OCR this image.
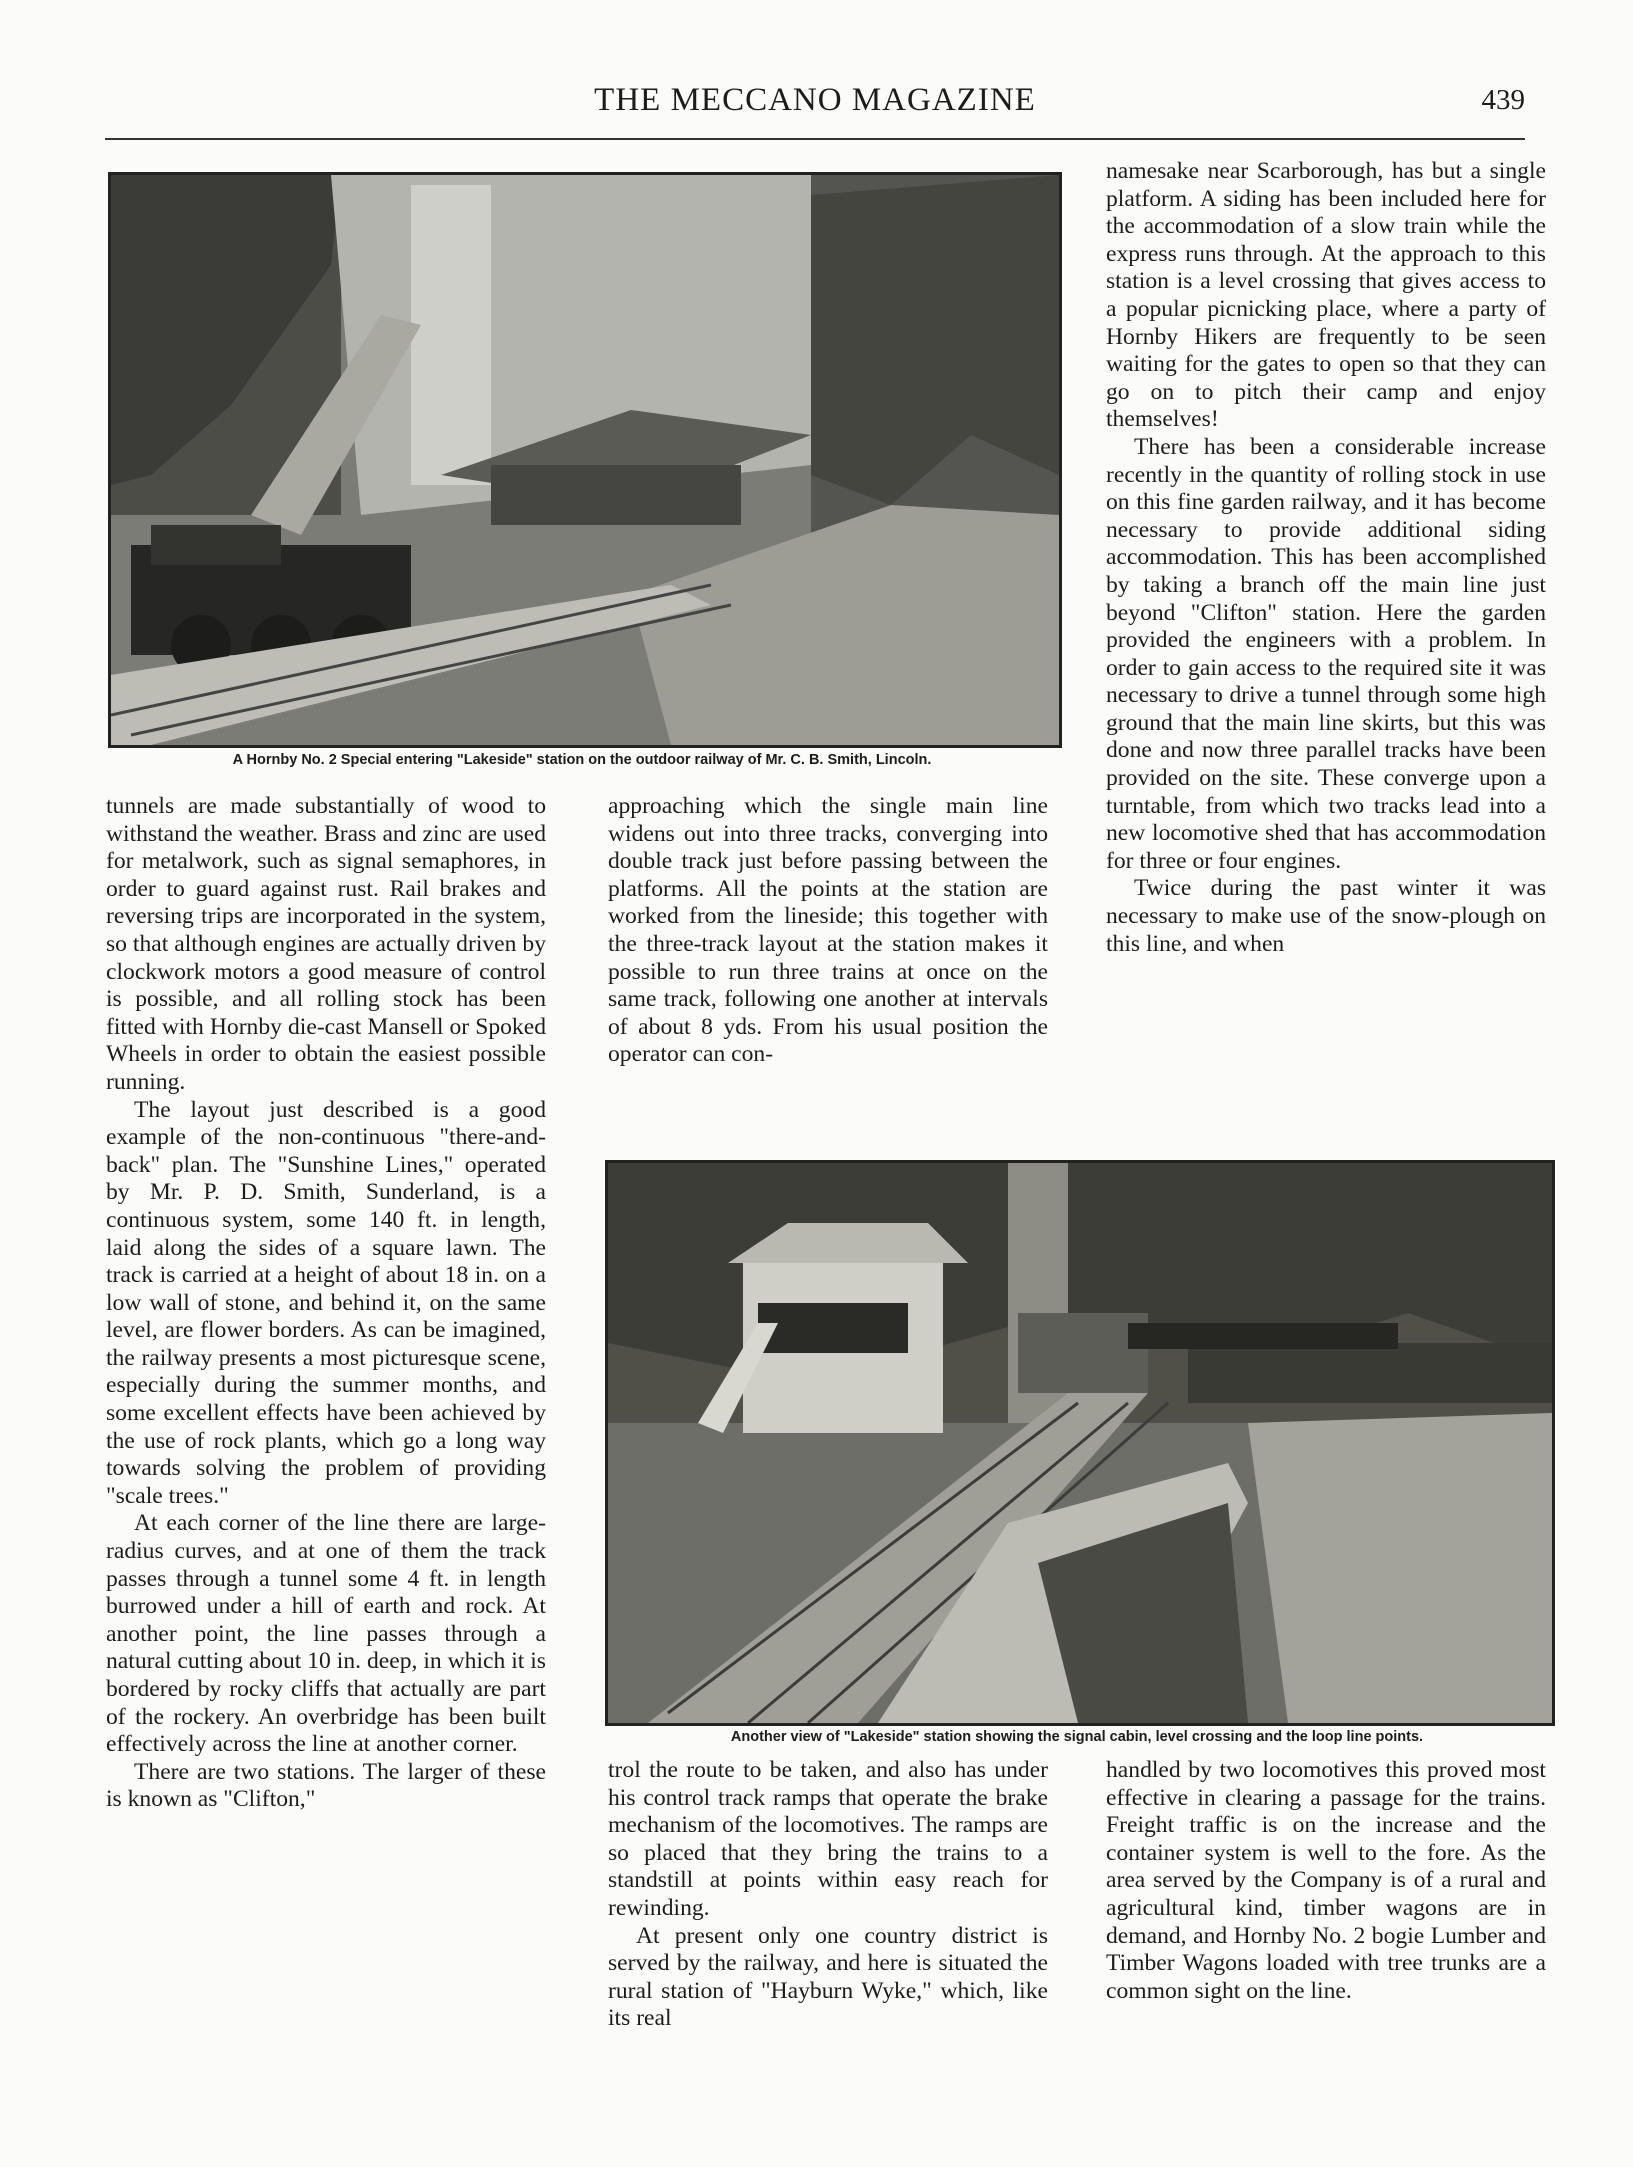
THE MECCANO MAGAZINE	439
A Hornby No. 2 Special entering "Lakeside" station on the outdoor railway of Mr. C. B. Smith, Lincoln.

namesake near Scarborough, has but a single platform. A siding has been included here for the accommodation of a slow train while the express runs through. At the approach to this station is a level crossing that gives access to a popular picnicking place, where a party of Hornby Hikers are frequently to be seen waiting for the gates to open so that they can go on to pitch their camp and enjoy themselves!

There has been a considerable increase recently in the quantity of rolling stock in use on this fine garden railway, and it has become necessary to provide additional siding accommodation. This has been accomplished by taking a branch off the main line just beyond "Clifton" station. Here the garden provided the engineers with a problem. In order to gain access to the required site it was necessary to drive a tunnel through some high ground that the main line skirts, but this was done and now three parallel tracks have been provided on the site. These converge upon a turntable, from which two tracks lead into a new locomotive shed that has accommodation for three or four engines.

Twice during the past winter it was necessary to make use of the snow-plough on this line, and when

tunnels are made substantially of wood to withstand the weather. Brass and zinc are used for metalwork, such as signal semaphores, in order to guard against rust. Rail brakes and reversing trips are incorporated in the system, so that although engines are actually driven by clockwork motors a good measure of control is possible, and all rolling stock has been fitted with Hornby die-cast Mansell or Spoked Wheels in order to obtain the easiest possible running.

The layout just described is a good example of the non-continuous "there-and-back" plan. The "Sunshine Lines," operated by Mr. P. D. Smith, Sunderland, is a continuous system, some 140 ft. in length, laid along the sides of a square lawn. The track is carried at a height of about 18 in. on a low wall of stone, and behind it, on the same level, are flower borders. As can be imagined, the railway presents a most picturesque scene, especially during the summer months, and some excellent effects have been achieved by the use of rock plants, which go a long way towards solving the problem of providing "scale trees."

At each corner of the line there are large-radius curves, and at one of them the track passes through a tunnel some 4 ft. in length burrowed under a hill of earth and rock. At another point, the line passes through a natural cutting about 10 in. deep, in which it is bordered by rocky cliffs that actually are part of the rockery. An overbridge has been built effectively across the line at another corner.

There are two stations. The larger of these is known as "Clifton,"

approaching which the single main line widens out into three tracks, converging into double track just before passing between the platforms. All the points at the station are worked from the lineside; this together with the three-track layout at the station makes it possible to run three trains at once on the same track, following one another at intervals of about 8 yds. From his usual position the operator can con-

Another view of "Lakeside" station showing the signal cabin, level crossing and the loop line points.

trol the route to be taken, and also has under his control track ramps that operate the brake mechanism of the locomotives. The ramps are so placed that they bring the trains to a standstill at points within easy reach for rewinding.

At present only one country district is served by the railway, and here is situated the rural station of "Hayburn Wyke," which, like its real

handled by two locomotives this proved most effective in clearing a passage for the trains. Freight traffic is on the increase and the container system is well to the fore. As the area served by the Company is of a rural and agricultural kind, timber wagons are in demand, and Hornby No. 2 bogie Lumber and Timber Wagons loaded with tree trunks are a common sight on the line.
